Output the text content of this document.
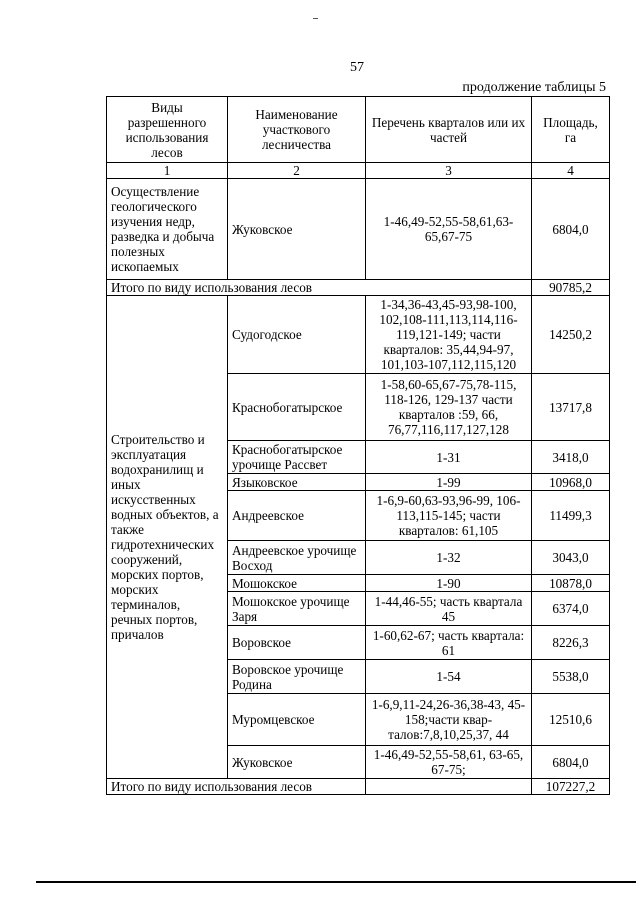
57
продолжение таблицы 5
Виды разрешенного использования лесов	Наименование участкового лесничества	Перечень кварталов или их частей	Площадь, га
1	2	3	4
Осуществление геологического изучения недр, разведка и добыча полезных ископаемых	Жуковское	1-46,49-52,55-58,61,63-65,67-75	6804,0
Итого по виду использования лесов			90785,2
Строительство и эксплуатация водохранилищ и иных искусственных водных объектов, а также гидротехнических сооружений, морских портов, морских терминалов, речных портов, причалов	Судогодское	1-34,36-43,45-93,98-100, 102,108-111,113,114,116-119,121-149; части кварталов: 35,44,94-97, 101,103-107,112,115,120	14250,2
	Краснобогатырское	1-58,60-65,67-75,78-115, 118-126, 129-137 части кварталов :59, 66, 76,77,116,117,127,128	13717,8
	Краснобогатырское урочище Рассвет	1-31	3418,0
	Языковское	1-99	10968,0
	Андреевское	1-6,9-60,63-93,96-99, 106-113,115-145; части кварталов: 61,105	11499,3
	Андреевское урочище Восход	1-32	3043,0
	Мошокское	1-90	10878,0
	Мошокское урочище Заря	1-44,46-55; часть квартала 45	6374,0
	Воровское	1-60,62-67; часть квартала: 61	8226,3
	Воровское урочище Родина	1-54	5538,0
	Муромцевское	1-6,9,11-24,26-36,38-43, 45-158;части квар-талов:7,8,10,25,37, 44	12510,6
	Жуковское	1-46,49-52,55-58,61, 63-65, 67-75;	6804,0
Итого по виду использования лесов			107227,2
